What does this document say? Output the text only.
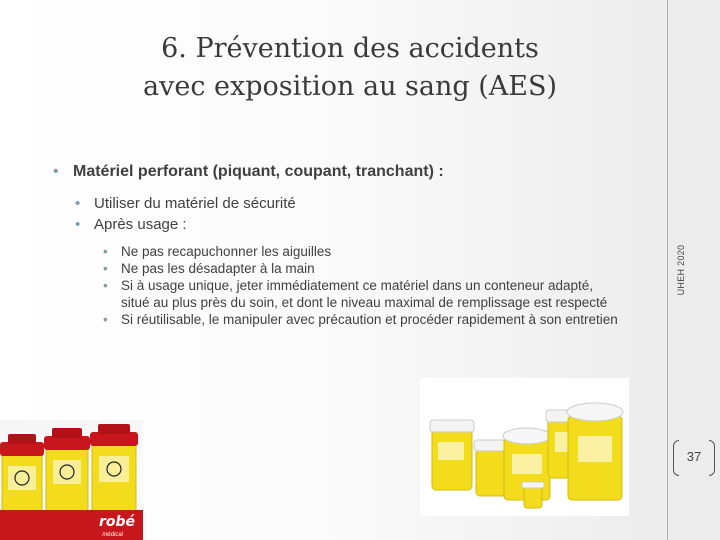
6. Prévention des accidents
avec exposition au sang (AES)
UHEH 2020
37
• Matériel perforant (piquant, coupant, tranchant) :
• Utiliser du matériel de sécurité
• Après usage :
• Ne pas recapuchonner les aiguilles
• Ne pas les désadapter à la main
• Si à usage unique, jeter immédiatement ce matériel dans un conteneur adapté, situé au plus près du soin, et dont le niveau maximal de remplissage est respecté
• Si réutilisable, le manipuler avec précaution et procéder rapidement à son entretien
robé
médical
